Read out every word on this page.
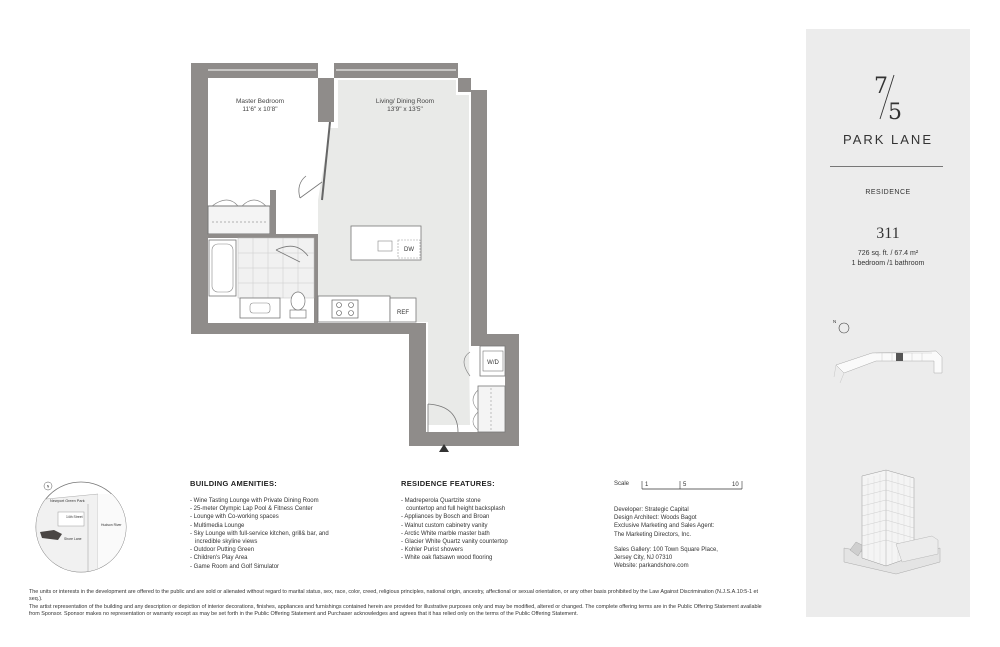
REF
DW
W/D
Master Bedroom
11'6" x 10'8"
Living/ Dining Room
13'9" x 13'5"
Newport Green Park
14th Street
Hudson River
Shore Lane
N	BUILDING AMENITIES:
- Wine Tasting Lounge with Private Dining Room
- 25-meter Olympic Lap Pool & Fitness Center
- Lounge with Co-working spaces
- Multimedia Lounge
- Sky Lounge with full-service kitchen, grill& bar, and
incredible skyline views
- Outdoor Putting Green
- Children's Play Area
- Game Room and Golf Simulator
RESIDENCE FEATURES:
- Madreperola Quartzite stone
countertop and full height backsplash
- Appliances by Bosch and Broan
- Walnut custom cabinetry vanity
- Arctic White marble master bath
- Glacier White Quartz vanity countertop
- Kohler Purist showers
- White oak flatsawn wood flooring
Scale	1	5	10
Developer: Strategic Capital
Design Architect: Woods Bagot
Exclusive Marketing and Sales Agent:
The Marketing Directors, Inc.
Sales Gallery: 100 Town Square Place,
Jersey City, NJ 07310
Website: parkandshore.com
The units or interests in the development are offered to the public and are sold or alienated without regard to marital status, sex, race, color, creed, religious principles, national origin, ancestry, affectional or sexual orientation, or any other basis prohibited by the Law Against Discrimination (N.J.S.A.10:5-1 et seq.).
The artist representation of the building and any description or depiction of interior decorations, finishes, appliances and furnishings contained herein are provided for illustrative purposes only and may be modified, altered or changed. The complete offering terms are in the Public Offering Statement available from Sponsor. Sponsor makes no representation or warranty except as may be set forth in the Public Offering Statement and Purchaser acknowledges and agrees that it has relied only on the terms of the Public Offering Statement.
7
5
PARK LANE
RESIDENCE
311
726 sq. ft. / 67.4 m²
1 bedroom /1 bathroom
N
